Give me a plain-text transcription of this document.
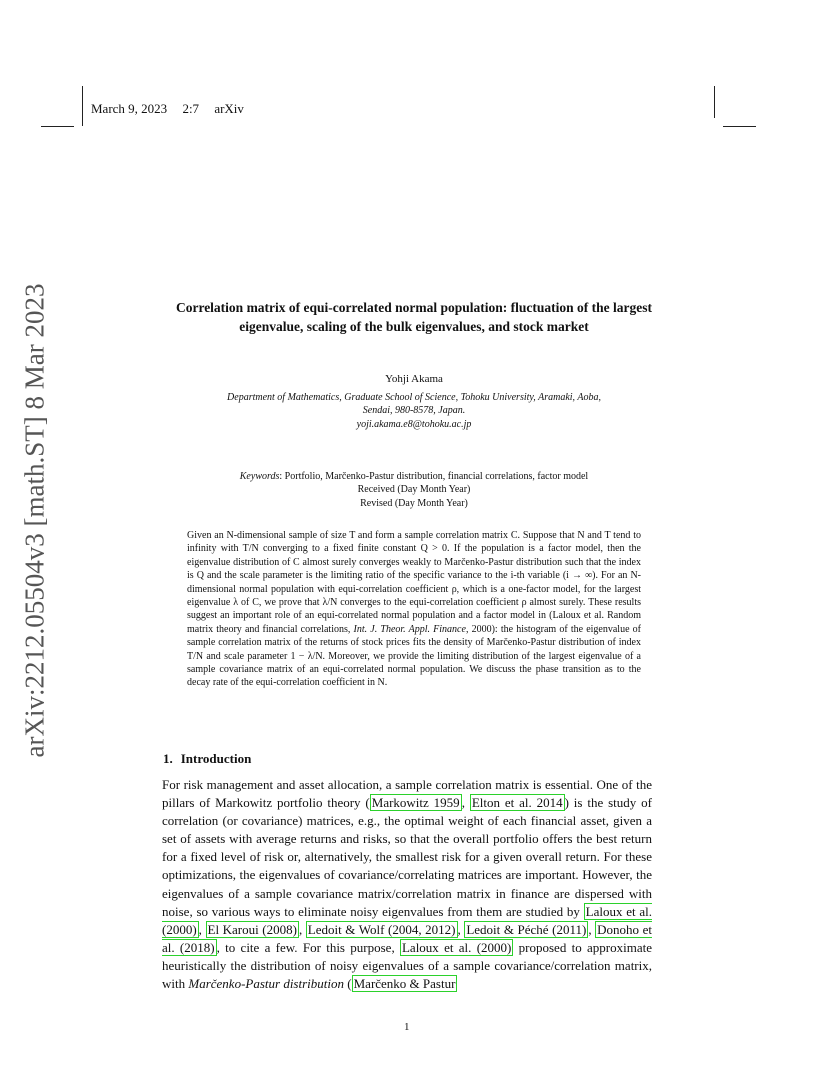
March 9, 2023 2:7 arXiv
arXiv:2212.05504v3 [math.ST] 8 Mar 2023	Correlation matrix of equi-correlated normal population: fluctuation of the largest eigenvalue, scaling of the bulk eigenvalues, and stock market
Yohji Akama
Department of Mathematics, Graduate School of Science, Tohoku University, Aramaki, Aoba,
Sendai, 980-8578, Japan.
yoji.akama.e8@tohoku.ac.jp
Keywords: Portfolio, Marčenko-Pastur distribution, financial correlations, factor model
Received (Day Month Year)
Revised (Day Month Year)
Given an N-dimensional sample of size T and form a sample correlation matrix C. Suppose that N and T tend to infinity with T/N converging to a fixed finite constant Q > 0. If the population is a factor model, then the eigenvalue distribution of C almost surely converges weakly to Marčenko-Pastur distribution such that the index is Q and the scale parameter is the limiting ratio of the specific variance to the i-th variable (i → ∞). For an N-dimensional normal population with equi-correlation coefficient ρ, which is a one-factor model, for the largest eigenvalue λ of C, we prove that λ/N converges to the equi-correlation coefficient ρ almost surely. These results suggest an important role of an equi-correlated normal population and a factor model in (Laloux et al. Random matrix theory and financial correlations, Int. J. Theor. Appl. Finance, 2000): the histogram of the eigenvalue of sample correlation matrix of the returns of stock prices fits the density of Marčenko-Pastur distribution of index T/N and scale parameter 1 − λ/N. Moreover, we provide the limiting distribution of the largest eigenvalue of a sample covariance matrix of an equi-correlated normal population. We discuss the phase transition as to the decay rate of the equi-correlation coefficient in N.
1. Introduction
For risk management and asset allocation, a sample correlation matrix is essential. One of the pillars of Markowitz portfolio theory ( Markowitz 1959 , Elton et al. 2014 ) is the study of correlation (or covariance) matrices, e.g., the optimal weight of each financial asset, given a set of assets with average returns and risks, so that the overall portfolio offers the best return for a fixed level of risk or, alternatively, the smallest risk for a given overall return. For these optimizations, the eigenvalues of covariance/correlating matrices are important. However, the eigenvalues of a sample covariance matrix/correlation matrix in finance are dispersed with noise, so various ways to eliminate noisy eigenvalues from them are studied by Laloux et al. (2000) , El Karoui (2008) , Ledoit & Wolf (2004, 2012) , Ledoit & Péché (2011) , Donoho et al. (2018) , to cite a few. For this purpose, Laloux et al. (2000) proposed to approximate heuristically the distribution of noisy eigenvalues of a sample covariance/correlation matrix, with Marčenko-Pastur distribution ( Marčenko & Pastur
1
